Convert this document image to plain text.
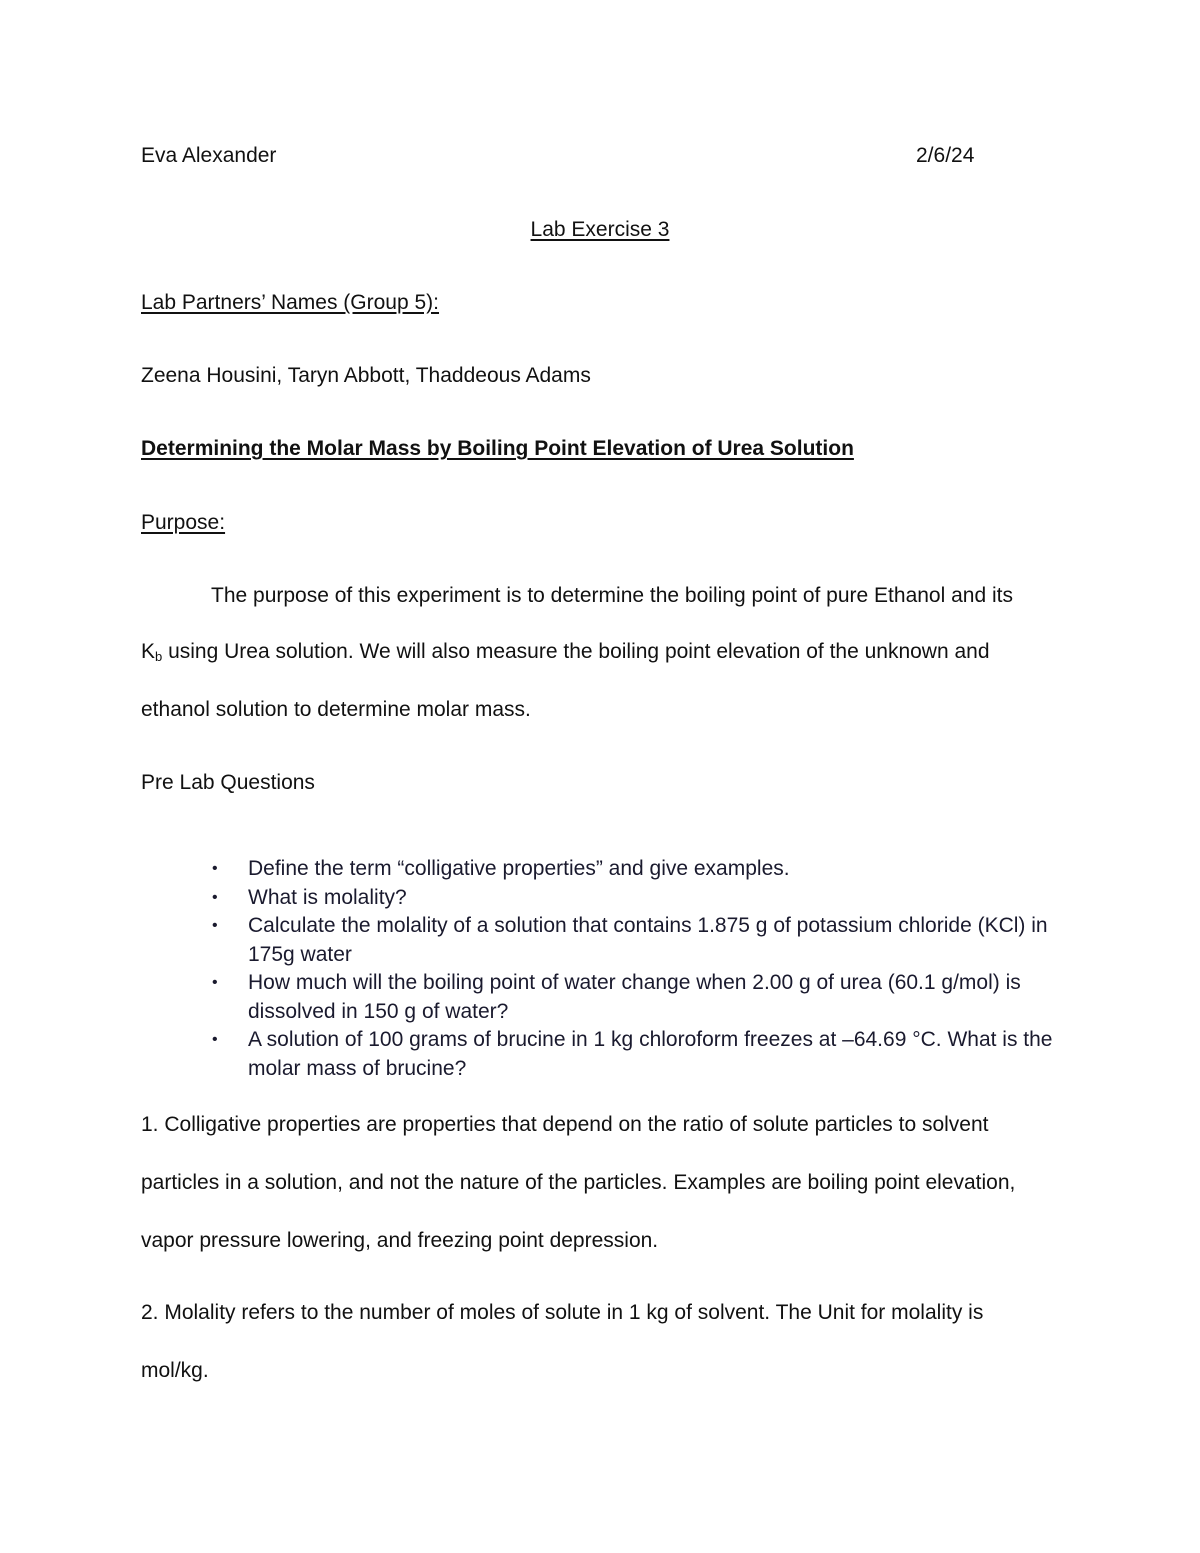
Eva Alexander	2/6/24
Lab Exercise 3
Lab Partners’ Names (Group 5):
Zeena Housini, Taryn Abbott, Thaddeous Adams
Determining the Molar Mass by Boiling Point Elevation of Urea Solution
Purpose:
The purpose of this experiment is to determine the boiling point of pure Ethanol and its
$K_b$ using Urea solution. We will also measure the boiling point elevation of the unknown and
ethanol solution to determine molar mass.
Pre Lab Questions
• Define the term “colligative properties” and give examples.
• What is molality?
• Calculate the molality of a solution that contains 1.875 g of potassium chloride (KCl) in 175g water
• How much will the boiling point of water change when 2.00 g of urea (60.1 g/mol) is dissolved in 150 g of water?
• A solution of 100 grams of brucine in 1 kg chloroform freezes at –64.69 °C. What is the molar mass of brucine?
1. Colligative properties are properties that depend on the ratio of solute particles to solvent
particles in a solution, and not the nature of the particles. Examples are boiling point elevation,
vapor pressure lowering, and freezing point depression.
2. Molality refers to the number of moles of solute in 1 kg of solvent. The Unit for molality is
mol/kg.
